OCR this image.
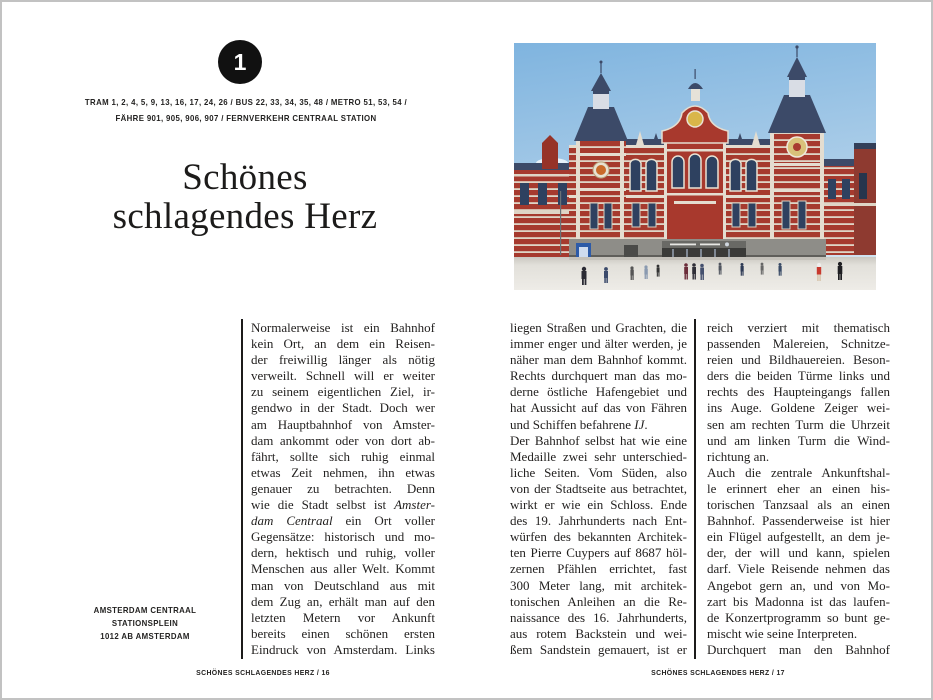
1
TRAM 1, 2, 4, 5, 9, 13, 16, 17, 24, 26 / BUS 22, 33, 34, 35, 48 / METRO 51, 53, 54 /
FÄHRE 901, 905, 906, 907 / FERNVERKEHR CENTRAAL STATION
Schönes
schlagendes Herz
Normalerweise ist ein Bahnhof
kein Ort, an dem ein Reisen-
der freiwillig länger als nötig
verweilt. Schnell will er weiter
zu seinem eigentlichen Ziel, ir-
gendwo in der Stadt. Doch wer
am Hauptbahnhof von Amster-
dam ankommt oder von dort ab-
fährt, sollte sich ruhig einmal
etwas Zeit nehmen, ihn etwas
genauer zu betrachten. Denn
wie die Stadt selbst ist Amster-
dam Centraal ein Ort voller
Gegensätze: historisch und mo-
dern, hektisch und ruhig, voller
Menschen aus aller Welt. Kommt
man von Deutschland aus mit
dem Zug an, erhält man auf den
letzten Metern vor Ankunft
bereits einen schönen ersten
Eindruck von Amsterdam. Links
AMSTERDAM CENTRAAL
STATIONSPLEIN
1012 AB AMSTERDAM
SCHÖNES SCHLAGENDES HERZ / 16
liegen Straßen und Grachten, die
immer enger und älter werden, je
näher man dem Bahnhof kommt.
Rechts durchquert man das mo-
derne östliche Hafengebiet und
hat Aussicht auf das von Fähren
und Schiffen befahrene IJ.
Der Bahnhof selbst hat wie eine
Medaille zwei sehr unterschied-
liche Seiten. Vom Süden, also
von der Stadtseite aus betrachtet,
wirkt er wie ein Schloss. Ende
des 19. Jahrhunderts nach Ent-
würfen des bekannten Architek-
ten Pierre Cuypers auf 8687 höl-
zernen Pfählen errichtet, fast
300 Meter lang, mit architek-
tonischen Anleihen an die Re-
naissance des 16. Jahrhunderts,
aus rotem Backstein und wei-
ßem Sandstein gemauert, ist er
reich verziert mit thematisch
passenden Malereien, Schnitze-
reien und Bildhauereien. Beson-
ders die beiden Türme links und
rechts des Haupteingangs fallen
ins Auge. Goldene Zeiger wei-
sen am rechten Turm die Uhrzeit
und am linken Turm die Wind-
richtung an.
Auch die zentrale Ankunftshal-
le erinnert eher an einen his-
torischen Tanzsaal als an einen
Bahnhof. Passenderweise ist hier
ein Flügel aufgestellt, an dem je-
der, der will und kann, spielen
darf. Viele Reisende nehmen das
Angebot gern an, und von Mo-
zart bis Madonna ist das laufen-
de Konzertprogramm so bunt ge-
mischt wie seine Interpreten.
Durchquert man den Bahnhof
SCHÖNES SCHLAGENDES HERZ / 17
